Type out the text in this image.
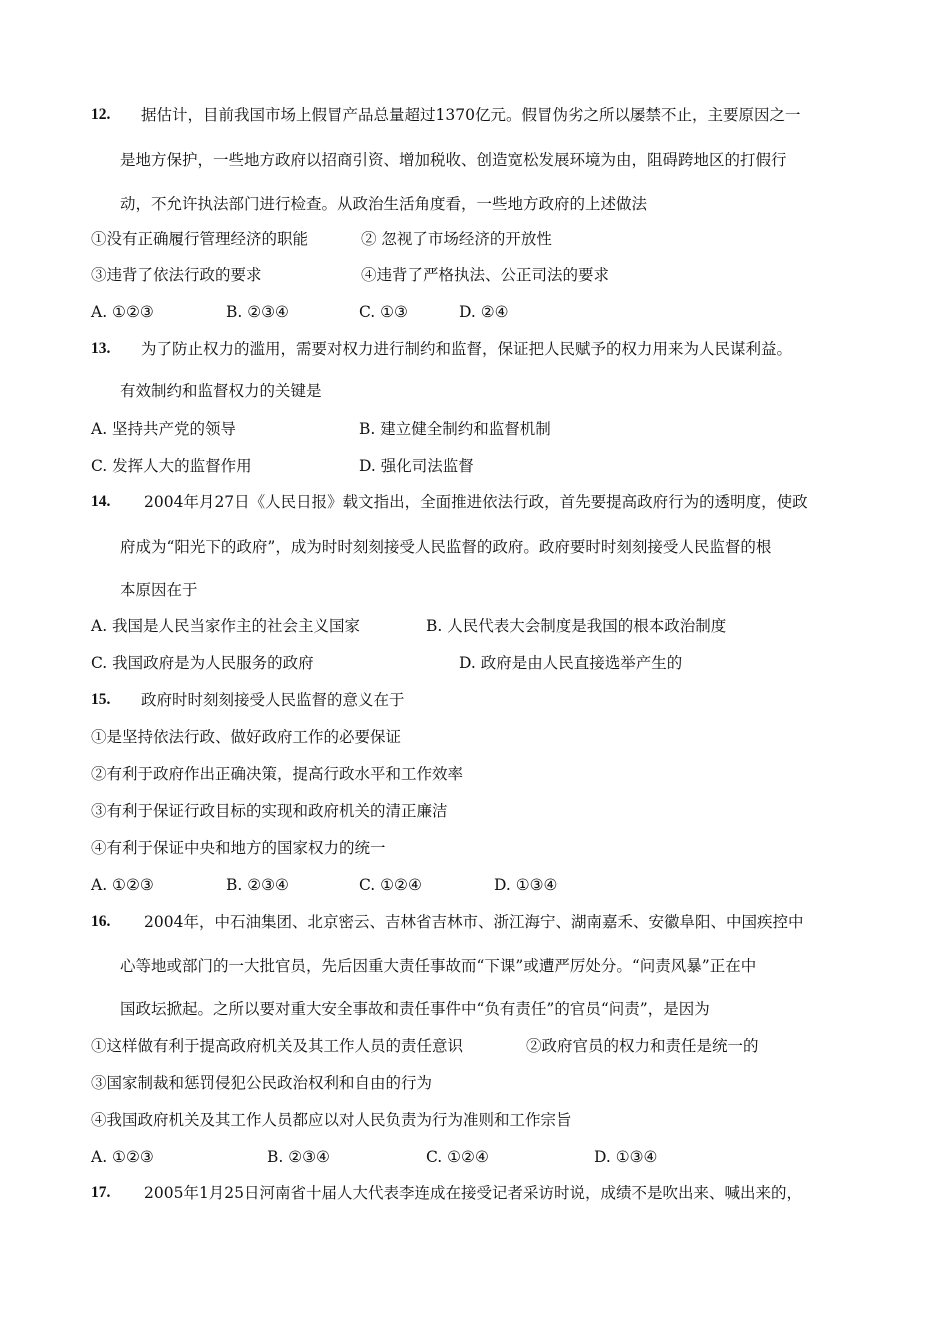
12. 据估计，目前我国市场上假冒产品总量超过1370亿元。假冒伪劣之所以屡禁不止，主要原因之一
是地方保护，一些地方政府以招商引资、增加税收、创造宽松发展环境为由，阻碍跨地区的打假行
动，不允许执法部门进行检查。从政治生活角度看，一些地方政府的上述做法
①没有正确履行管理经济的职能	② 忽视了市场经济的开放性
③违背了依法行政的要求	④违背了严格执法、公正司法的要求
A. ①②③	B. ②③④	C. ①③	D. ②④
13. 为了防止权力的滥用，需要对权力进行制约和监督，保证把人民赋予的权力用来为人民谋利益。
有效制约和监督权力的关键是
A. 坚持共产党的领导	B. 建立健全制约和监督机制
C. 发挥人大的监督作用	D. 强化司法监督
14. 2004年月27日《人民日报》载文指出，全面推进依法行政，首先要提高政府行为的透明度，使政
府成为“阳光下的政府”，成为时时刻刻接受人民监督的政府。政府要时时刻刻接受人民监督的根
本原因在于
A. 我国是人民当家作主的社会主义国家	B. 人民代表大会制度是我国的根本政治制度
C. 我国政府是为人民服务的政府	D. 政府是由人民直接选举产生的
15. 政府时时刻刻接受人民监督的意义在于
①是坚持依法行政、做好政府工作的必要保证
②有利于政府作出正确决策，提高行政水平和工作效率
③有利于保证行政目标的实现和政府机关的清正廉洁
④有利于保证中央和地方的国家权力的统一
A. ①②③	B. ②③④	C. ①②④	D. ①③④
16. 2004年，中石油集团、北京密云、吉林省吉林市、浙江海宁、湖南嘉禾、安徽阜阳、中国疾控中
心等地或部门的一大批官员，先后因重大责任事故而“下课”或遭严厉处分。“问责风暴”正在中
国政坛掀起。之所以要对重大安全事故和责任事件中“负有责任”的官员“问责”，是因为
①这样做有利于提高政府机关及其工作人员的责任意识	②政府官员的权力和责任是统一的
③国家制裁和惩罚侵犯公民政治权利和自由的行为
④我国政府机关及其工作人员都应以对人民负责为行为准则和工作宗旨
A. ①②③	B. ②③④	C. ①②④	D. ①③④
17. 2005年1月25日河南省十届人大代表李连成在接受记者采访时说，成绩不是吹出来、喊出来的，
